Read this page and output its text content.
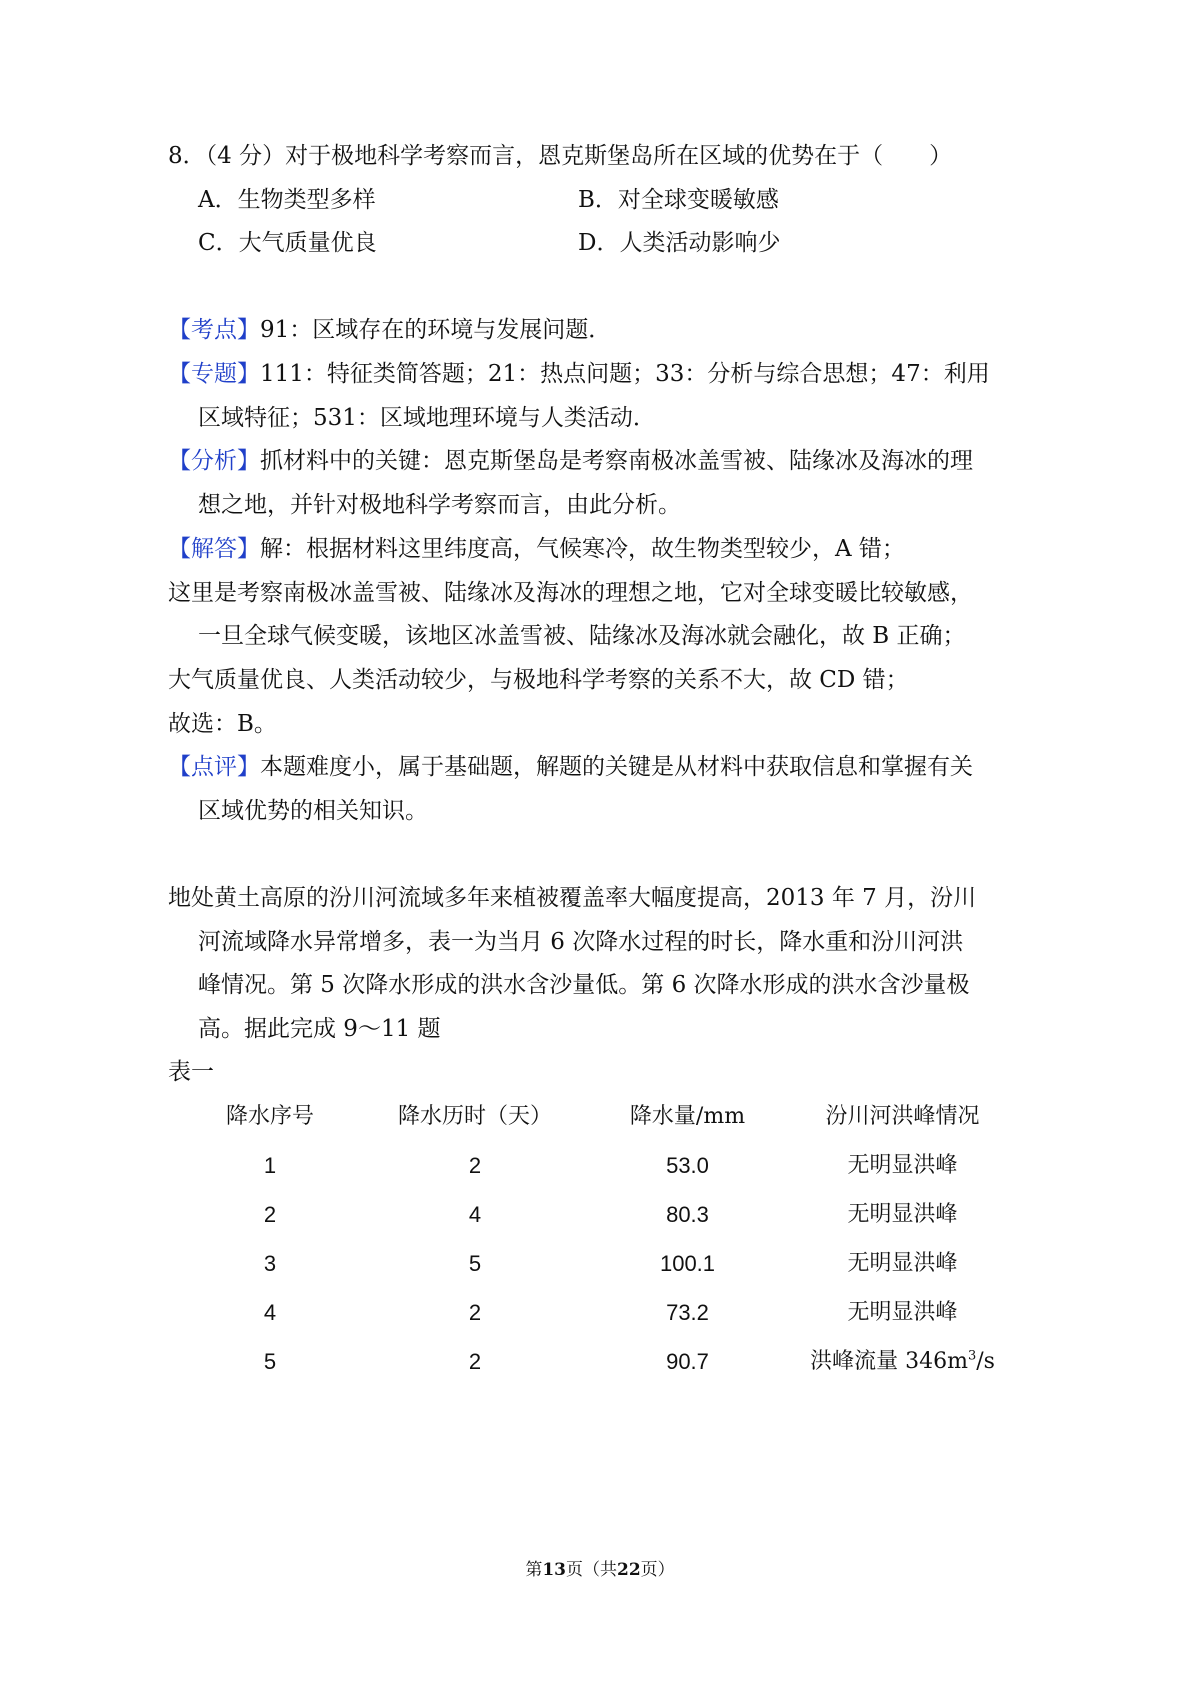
8．（4 分）对于极地科学考察而言，恩克斯堡岛所在区域的优势在于（　　）
A．生物类型多样	B．对全球变暖敏感
C．大气质量优良	D．人类活动影响少
【考点】91：区域存在的环境与发展问题．
【专题】111：特征类简答题；21：热点问题；33：分析与综合思想；47：利用
区域特征；531：区域地理环境与人类活动．
【分析】抓材料中的关键：恩克斯堡岛是考察南极冰盖雪被、陆缘冰及海冰的理
想之地，并针对极地科学考察而言，由此分析。
【解答】解：根据材料这里纬度高，气候寒冷，故生物类型较少，A 错；
这里是考察南极冰盖雪被、陆缘冰及海冰的理想之地，它对全球变暖比较敏感，
一旦全球气候变暖，该地区冰盖雪被、陆缘冰及海冰就会融化，故 B 正确；
大气质量优良、人类活动较少，与极地科学考察的关系不大，故 CD 错；
故选：B。
【点评】本题难度小，属于基础题，解题的关键是从材料中获取信息和掌握有关
区域优势的相关知识。
地处黄土高原的汾川河流域多年来植被覆盖率大幅度提高，2013 年 7 月，汾川
河流域降水异常增多，表一为当月 6 次降水过程的时长，降水重和汾川河洪
峰情况。第 5 次降水形成的洪水含沙量低。第 6 次降水形成的洪水含沙量极
高。据此完成 9～11 题
表一
降水序号	降水历时（天）	降水量/mm	汾川河洪峰情况
1	2	53.0	无明显洪峰
2	4	80.3	无明显洪峰
3	5	100.1	无明显洪峰
4	2	73.2	无明显洪峰
5	2	90.7	洪峰流量 $346m^3/s$
第13页（共22页）
